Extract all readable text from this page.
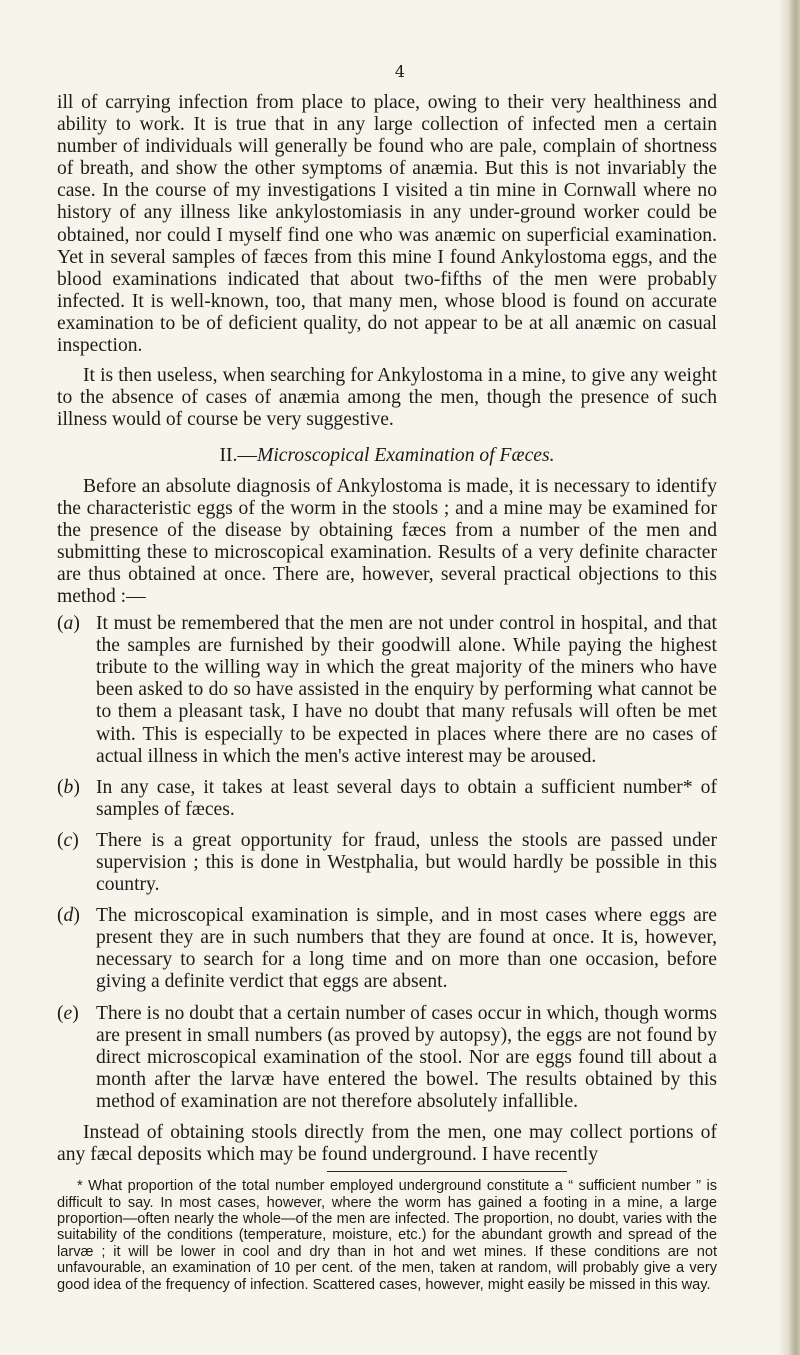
4

ill of carrying infection from place to place, owing to their very healthiness and ability to work. It is true that in any large collection of infected men a certain number of individuals will generally be found who are pale, complain of shortness of breath, and show the other symptoms of anæmia. But this is not invariably the case. In the course of my investigations I visited a tin mine in Cornwall where no history of any illness like ankylostomiasis in any under-ground worker could be obtained, nor could I myself find one who was anæmic on superficial examination. Yet in several samples of fæces from this mine I found Ankylostoma eggs, and the blood examinations indicated that about two-fifths of the men were probably infected. It is well-known, too, that many men, whose blood is found on accurate examination to be of deficient quality, do not appear to be at all anæmic on casual inspection.

It is then useless, when searching for Ankylostoma in a mine, to give any weight to the absence of cases of anæmia among the men, though the presence of such illness would of course be very suggestive.

II.—Microscopical Examination of Fæces.

Before an absolute diagnosis of Ankylostoma is made, it is necessary to identify the characteristic eggs of the worm in the stools ; and a mine may be examined for the presence of the disease by obtaining fæces from a number of the men and submitting these to microscopical examination. Results of a very definite character are thus obtained at once. There are, however, several practical objections to this method :—

(a) It must be remembered that the men are not under control in hospital, and that the samples are furnished by their goodwill alone. While paying the highest tribute to the willing way in which the great majority of the miners who have been asked to do so have assisted in the enquiry by performing what cannot be to them a pleasant task, I have no doubt that many refusals will often be met with. This is especially to be expected in places where there are no cases of actual illness in which the men's active interest may be aroused.
(b) In any case, it takes at least several days to obtain a sufficient number* of samples of fæces.
(c) There is a great opportunity for fraud, unless the stools are passed under supervision ; this is done in Westphalia, but would hardly be possible in this country.
(d) The microscopical examination is simple, and in most cases where eggs are present they are in such numbers that they are found at once. It is, however, necessary to search for a long time and on more than one occasion, before giving a definite verdict that eggs are absent.
(e) There is no doubt that a certain number of cases occur in which, though worms are present in small numbers (as proved by autopsy), the eggs are not found by direct microscopical examination of the stool. Nor are eggs found till about a month after the larvæ have entered the bowel. The results obtained by this method of examination are not therefore absolutely infallible.

Instead of obtaining stools directly from the men, one may collect portions of any fæcal deposits which may be found underground. I have recently

* What proportion of the total number employed underground constitute a “ sufficient number ” is difficult to say. In most cases, however, where the worm has gained a footing in a mine, a large proportion—often nearly the whole—of the men are infected. The proportion, no doubt, varies with the suitability of the conditions (temperature, moisture, etc.) for the abundant growth and spread of the larvæ ; it will be lower in cool and dry than in hot and wet mines. If these conditions are not unfavourable, an examination of 10 per cent. of the men, taken at random, will probably give a very good idea of the frequency of infection. Scattered cases, however, might easily be missed in this way.
